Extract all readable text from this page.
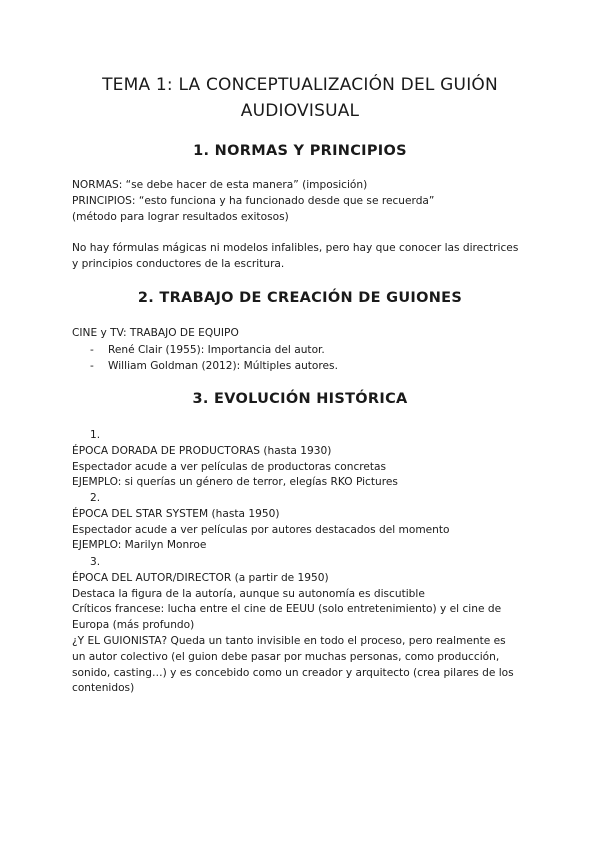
TEMA 1: LA CONCEPTUALIZACIÓN DEL GUIÓN
AUDIOVISUAL
1. NORMAS Y PRINCIPIOS
NORMAS: “se debe hacer de esta manera” (imposición)
PRINCIPIOS: “esto funciona y ha funcionado desde que se recuerda”
(método para lograr resultados exitosos)
No hay fórmulas mágicas ni modelos infalibles, pero hay que conocer las directrices
y principios conductores de la escritura.
2. TRABAJO DE CREACIÓN DE GUIONES
CINE y TV: TRABAJO DE EQUIPO
- René Clair (1955): Importancia del autor.
- William Goldman (2012): Múltiples autores.
3. EVOLUCIÓN HISTÓRICA
1.
ÉPOCA DORADA DE PRODUCTORAS (hasta 1930)
Espectador acude a ver películas de productoras concretas
EJEMPLO: si querías un género de terror, elegías RKO Pictures
2.
ÉPOCA DEL STAR SYSTEM (hasta 1950)
Espectador acude a ver películas por autores destacados del momento
EJEMPLO: Marilyn Monroe
3.
ÉPOCA DEL AUTOR/DIRECTOR (a partir de 1950)
Destaca la figura de la autoría, aunque su autonomía es discutible
Críticos francese: lucha entre el cine de EEUU (solo entretenimiento) y el cine de
Europa (más profundo)
¿Y EL GUIONISTA? Queda un tanto invisible en todo el proceso, pero realmente es
un autor colectivo (el guion debe pasar por muchas personas, como producción,
sonido, casting…) y es concebido como un creador y arquitecto (crea pilares de los
contenidos)
